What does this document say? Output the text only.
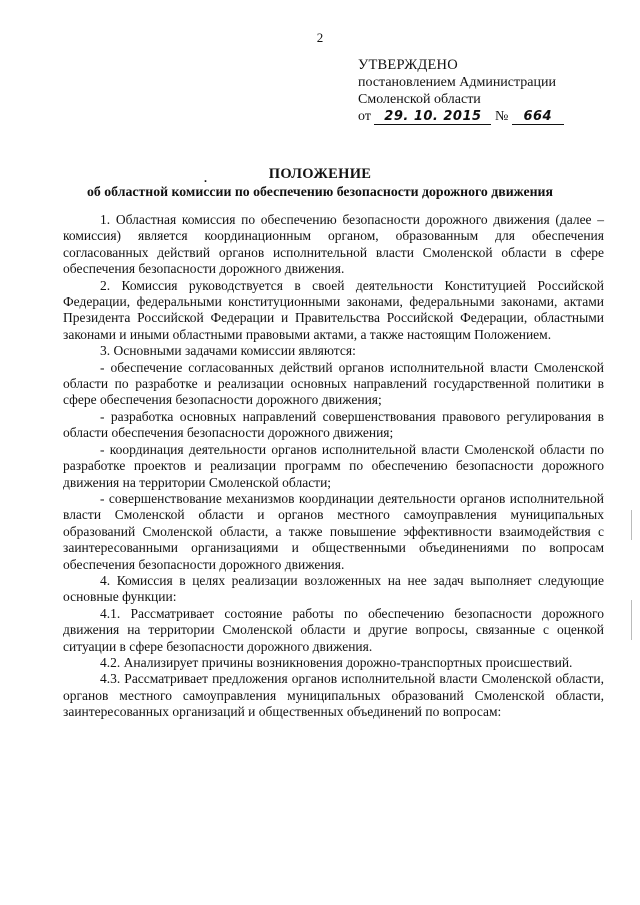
2
УТВЕРЖДЕНО
постановлением Администрации
Смоленской области
от 29. 10. 2015 № 664
.	ПОЛОЖЕНИЕ
об областной комиссии по обеспечению безопасности дорожного движения

1. Областная комиссия по обеспечению безопасности дорожного движения (далее – комиссия) является координационным органом, образованным для обеспечения согласованных действий органов исполнительной власти Смоленской области в сфере обеспечения безопасности дорожного движения.

2. Комиссия руководствуется в своей деятельности Конституцией Российской Федерации, федеральными конституционными законами, федеральными законами, актами Президента Российской Федерации и Правительства Российской Федерации, областными законами и иными областными правовыми актами, а также настоящим Положением.

3. Основными задачами комиссии являются:

- обеспечение согласованных действий органов исполнительной власти Смоленской области по разработке и реализации основных направлений государственной политики в сфере обеспечения безопасности дорожного движения;

- разработка основных направлений совершенствования правового регулирования в области обеспечения безопасности дорожного движения;

- координация деятельности органов исполнительной власти Смоленской области по разработке проектов и реализации программ по обеспечению безопасности дорожного движения на территории Смоленской области;

- совершенствование механизмов координации деятельности органов исполнительной власти Смоленской области и органов местного самоуправления муниципальных образований Смоленской области, а также повышение эффективности взаимодействия с заинтересованными организациями и общественными объединениями по вопросам обеспечения безопасности дорожного движения.

4. Комиссия в целях реализации возложенных на нее задач выполняет следующие основные функции:

4.1. Рассматривает состояние работы по обеспечению безопасности дорожного движения на территории Смоленской области и другие вопросы, связанные с оценкой ситуации в сфере безопасности дорожного движения.

4.2. Анализирует причины возникновения дорожно-транспортных происшествий.

4.3. Рассматривает предложения органов исполнительной власти Смоленской области, органов местного самоуправления муниципальных образований Смоленской области, заинтересованных организаций и общественных объединений по вопросам:
